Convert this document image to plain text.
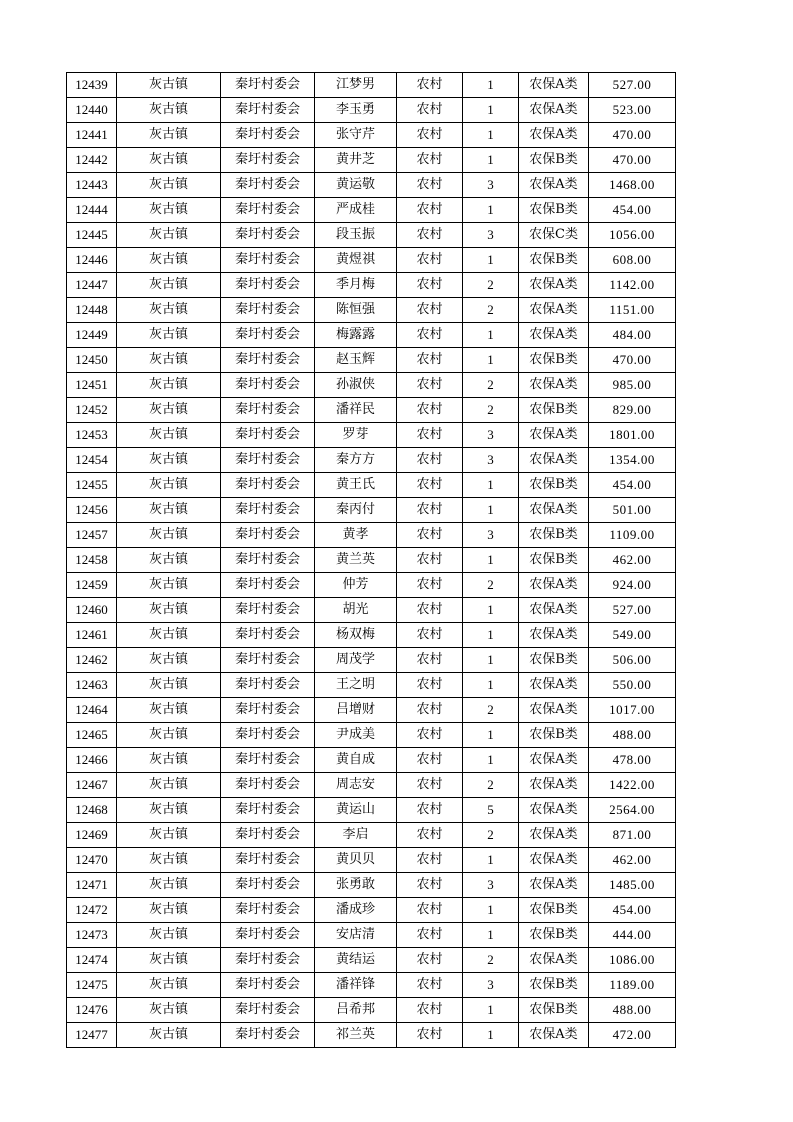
12439	灰古镇	秦圩村委会	江梦男	农村	1	农保A类	527.00
12440	灰古镇	秦圩村委会	李玉勇	农村	1	农保A类	523.00
12441	灰古镇	秦圩村委会	张守芹	农村	1	农保A类	470.00
12442	灰古镇	秦圩村委会	黄井芝	农村	1	农保B类	470.00
12443	灰古镇	秦圩村委会	黄运敬	农村	3	农保A类	1468.00
12444	灰古镇	秦圩村委会	严成桂	农村	1	农保B类	454.00
12445	灰古镇	秦圩村委会	段玉振	农村	3	农保C类	1056.00
12446	灰古镇	秦圩村委会	黄煜祺	农村	1	农保B类	608.00
12447	灰古镇	秦圩村委会	季月梅	农村	2	农保A类	1142.00
12448	灰古镇	秦圩村委会	陈恒强	农村	2	农保A类	1151.00
12449	灰古镇	秦圩村委会	梅露露	农村	1	农保A类	484.00
12450	灰古镇	秦圩村委会	赵玉辉	农村	1	农保B类	470.00
12451	灰古镇	秦圩村委会	孙淑侠	农村	2	农保A类	985.00
12452	灰古镇	秦圩村委会	潘祥民	农村	2	农保B类	829.00
12453	灰古镇	秦圩村委会	罗芽	农村	3	农保A类	1801.00
12454	灰古镇	秦圩村委会	秦方方	农村	3	农保A类	1354.00
12455	灰古镇	秦圩村委会	黄王氏	农村	1	农保B类	454.00
12456	灰古镇	秦圩村委会	秦丙付	农村	1	农保A类	501.00
12457	灰古镇	秦圩村委会	黄孝	农村	3	农保B类	1109.00
12458	灰古镇	秦圩村委会	黄兰英	农村	1	农保B类	462.00
12459	灰古镇	秦圩村委会	仲芳	农村	2	农保A类	924.00
12460	灰古镇	秦圩村委会	胡光	农村	1	农保A类	527.00
12461	灰古镇	秦圩村委会	杨双梅	农村	1	农保A类	549.00
12462	灰古镇	秦圩村委会	周茂学	农村	1	农保B类	506.00
12463	灰古镇	秦圩村委会	王之明	农村	1	农保A类	550.00
12464	灰古镇	秦圩村委会	吕增财	农村	2	农保A类	1017.00
12465	灰古镇	秦圩村委会	尹成美	农村	1	农保B类	488.00
12466	灰古镇	秦圩村委会	黄自成	农村	1	农保A类	478.00
12467	灰古镇	秦圩村委会	周志安	农村	2	农保A类	1422.00
12468	灰古镇	秦圩村委会	黄运山	农村	5	农保A类	2564.00
12469	灰古镇	秦圩村委会	李启	农村	2	农保A类	871.00
12470	灰古镇	秦圩村委会	黄贝贝	农村	1	农保A类	462.00
12471	灰古镇	秦圩村委会	张勇敢	农村	3	农保A类	1485.00
12472	灰古镇	秦圩村委会	潘成珍	农村	1	农保B类	454.00
12473	灰古镇	秦圩村委会	安店清	农村	1	农保B类	444.00
12474	灰古镇	秦圩村委会	黄结运	农村	2	农保A类	1086.00
12475	灰古镇	秦圩村委会	潘祥锋	农村	3	农保B类	1189.00
12476	灰古镇	秦圩村委会	吕希邦	农村	1	农保B类	488.00
12477	灰古镇	秦圩村委会	祁兰英	农村	1	农保A类	472.00
